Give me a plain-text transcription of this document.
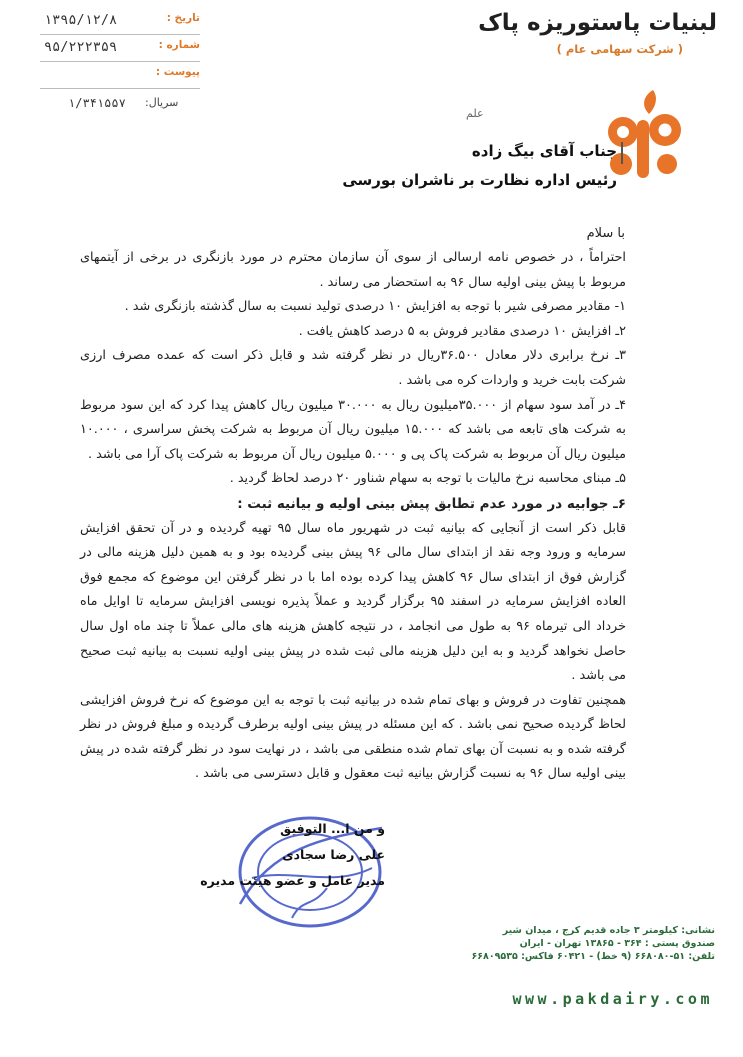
لبنیات پاستوریزه پاک
( شرکت سهامی عام )
تاریخ :
۱۳۹۵/۱۲/۸
شماره :
۹۵/۲۲۲۳۵۹
پیوست :
سریال:
۱/۳۴۱۵۵۷
علم
جناب آقای بیگ زاده
رئیس اداره نظارت بر ناشران بورسی
با سلام

احتراماً ، در خصوص نامه ارسالی از سوی آن سازمان محترم در مورد بازنگری در برخی از آیتمهای مربوط با پیش بینی اولیه سال ۹۶ به استحضار می رساند .

۱- مقادیر مصرفی شیر با توجه به افزایش ۱۰ درصدی تولید نسبت به سال گذشته بازنگری شد .

۲ـ افزایش ۱۰ درصدی مقادیر فروش به ۵ درصد کاهش یافت .

۳ـ نرخ برابری دلار معادل ۳۶.۵۰۰ریال در نظر گرفته شد و قابل ذکر است که عمده مصرف ارزی شرکت بابت خرید و واردات کره می باشد .

۴ـ در آمد سود سهام از ۳۵.۰۰۰میلیون ریال به ۳۰.۰۰۰ میلیون ریال کاهش پیدا کرد که این سود مربوط به شرکت های تابعه می باشد که ۱۵.۰۰۰ میلیون ریال آن مربوط به شرکت پخش سراسری ، ۱۰.۰۰۰ میلیون ریال آن مربوط به شرکت پاک پی و ۵.۰۰۰ میلیون ریال آن مربوط به شرکت پاک آرا می باشد .

۵ـ مبنای محاسبه نرخ مالیات با توجه به سهام شناور ۲۰ درصد لحاظ گردید .

۶ـ جوابیه در مورد عدم تطابق پیش بینی اولیه و بیانیه ثبت :

قابل ذکر است از آنجایی که بیانیه ثبت در شهریور ماه سال ۹۵ تهیه گردیده و در آن تحقق افزایش سرمایه و ورود وجه نقد از ابتدای سال مالی ۹۶ پیش بینی گردیده بود و به همین دلیل هزینه مالی در گزارش فوق از ابتدای سال ۹۶ کاهش پیدا کرده بوده اما با در نظر گرفتن این موضوع که مجمع فوق العاده افزایش سرمایه در اسفند ۹۵ برگزار گردید و عملاً پذیره نویسی افزایش سرمایه تا اوایل ماه خرداد الی تیرماه ۹۶ به طول می انجامد ، در نتیجه کاهش هزینه های مالی عملاً تا چند ماه اول سال حاصل نخواهد گردید و به این دلیل هزینه مالی ثبت شده در پیش بینی اولیه نسبت به بیانیه ثبت صحیح می باشد .

همچنین تفاوت در فروش و بهای تمام شده در بیانیه ثبت با توجه به این موضوع که نرخ فروش افزایشی لحاظ گردیده صحیح نمی باشد . که این مسئله در پیش بینی اولیه برطرف گردیده و مبلغ فروش در نظر گرفته شده و به نسبت آن بهای تمام شده منطقی می باشد ، در نهایت سود در نظر گرفته شده در پیش بینی اولیه سال ۹۶ به نسبت گزارش بیانیه ثبت معقول و قابل دسترسی می باشد .

و من ا... التوفیق
علی رضا سجادی
مدیر عامل و عضو هیئت مدیره
نشانی: کیلومتر ۳ جاده قدیم کرج ، میدان شیر
صندوق پستی : ۳۶۴ - ۱۳۸۶۵ تهران - ایران
تلفن: ۵۱-۶۶۸۰۸۰ (۹ خط) - ۶۰۴۲۱ فاکس: ۶۶۸۰۹۵۳۵
www.pakdairy.com
